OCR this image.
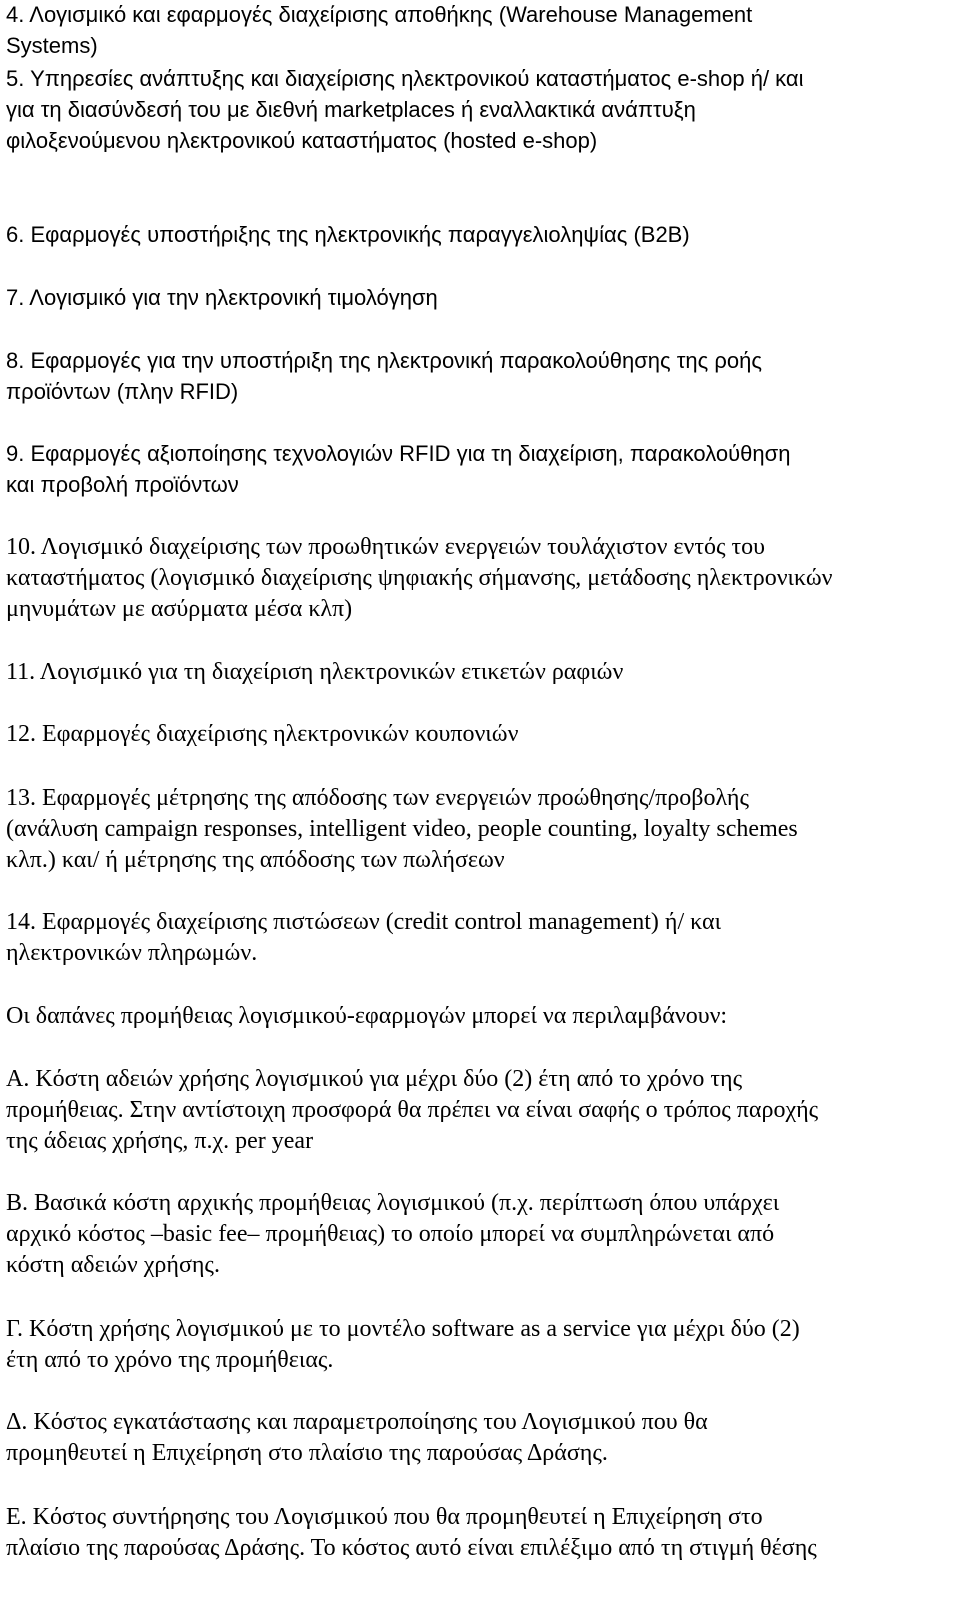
4. Λογισμικό και εφαρμογές διαχείρισης αποθήκης (Warehouse Management
Systems)

5. Υπηρεσίες ανάπτυξης και διαχείρισης ηλεκτρονικού καταστήματος e-shop ή/ και
για τη διασύνδεσή του με διεθνή marketplaces ή εναλλακτικά ανάπτυξη
φιλοξενούμενου ηλεκτρονικού καταστήματος (hosted e-shop)

6. Εφαρμογές υποστήριξης της ηλεκτρονικής παραγγελιοληψίας (B2B)

7. Λογισμικό για την ηλεκτρονική τιμολόγηση

8. Εφαρμογές για την υποστήριξη της ηλεκτρονική παρακολούθησης της ροής
προϊόντων (πλην RFID)

9. Εφαρμογές αξιοποίησης τεχνολογιών RFID για τη διαχείριση, παρακολούθηση
και προβολή προϊόντων

10. Λογισμικό διαχείρισης των προωθητικών ενεργειών τουλάχιστον εντός του
καταστήματος (λογισμικό διαχείρισης ψηφιακής σήμανσης, μετάδοσης ηλεκτρονικών
μηνυμάτων με ασύρματα μέσα κλπ)

11. Λογισμικό για τη διαχείριση ηλεκτρονικών ετικετών ραφιών

12. Εφαρμογές διαχείρισης ηλεκτρονικών κουπονιών

13. Εφαρμογές μέτρησης της απόδοσης των ενεργειών προώθησης/προβολής
(ανάλυση campaign responses, intelligent video, people counting, loyalty schemes
κλπ.) και/ ή μέτρησης της απόδοσης των πωλήσεων

14. Εφαρμογές διαχείρισης πιστώσεων (credit control management) ή/ και
ηλεκτρονικών πληρωμών.

Οι δαπάνες προμήθειας λογισμικού-εφαρμογών μπορεί να περιλαμβάνουν:

Α. Κόστη αδειών χρήσης λογισμικού για μέχρι δύο (2) έτη από το χρόνο της
προμήθειας. Στην αντίστοιχη προσφορά θα πρέπει να είναι σαφής ο τρόπος παροχής
της άδειας χρήσης, π.χ. per year

Β. Βασικά κόστη αρχικής προμήθειας λογισμικού (π.χ. περίπτωση όπου υπάρχει
αρχικό κόστος –basic fee– προμήθειας) το οποίο μπορεί να συμπληρώνεται από
κόστη αδειών χρήσης.

Γ. Κόστη χρήσης λογισμικού με το μοντέλο software as a service για μέχρι δύο (2)
έτη από το χρόνο της προμήθειας.

Δ. Κόστος εγκατάστασης και παραμετροποίησης του Λογισμικού που θα
προμηθευτεί η Επιχείρηση στο πλαίσιο της παρούσας Δράσης.

Ε. Κόστος συντήρησης του Λογισμικού που θα προμηθευτεί η Επιχείρηση στο
πλαίσιο της παρούσας Δράσης. Το κόστος αυτό είναι επιλέξιμο από τη στιγμή θέσης
